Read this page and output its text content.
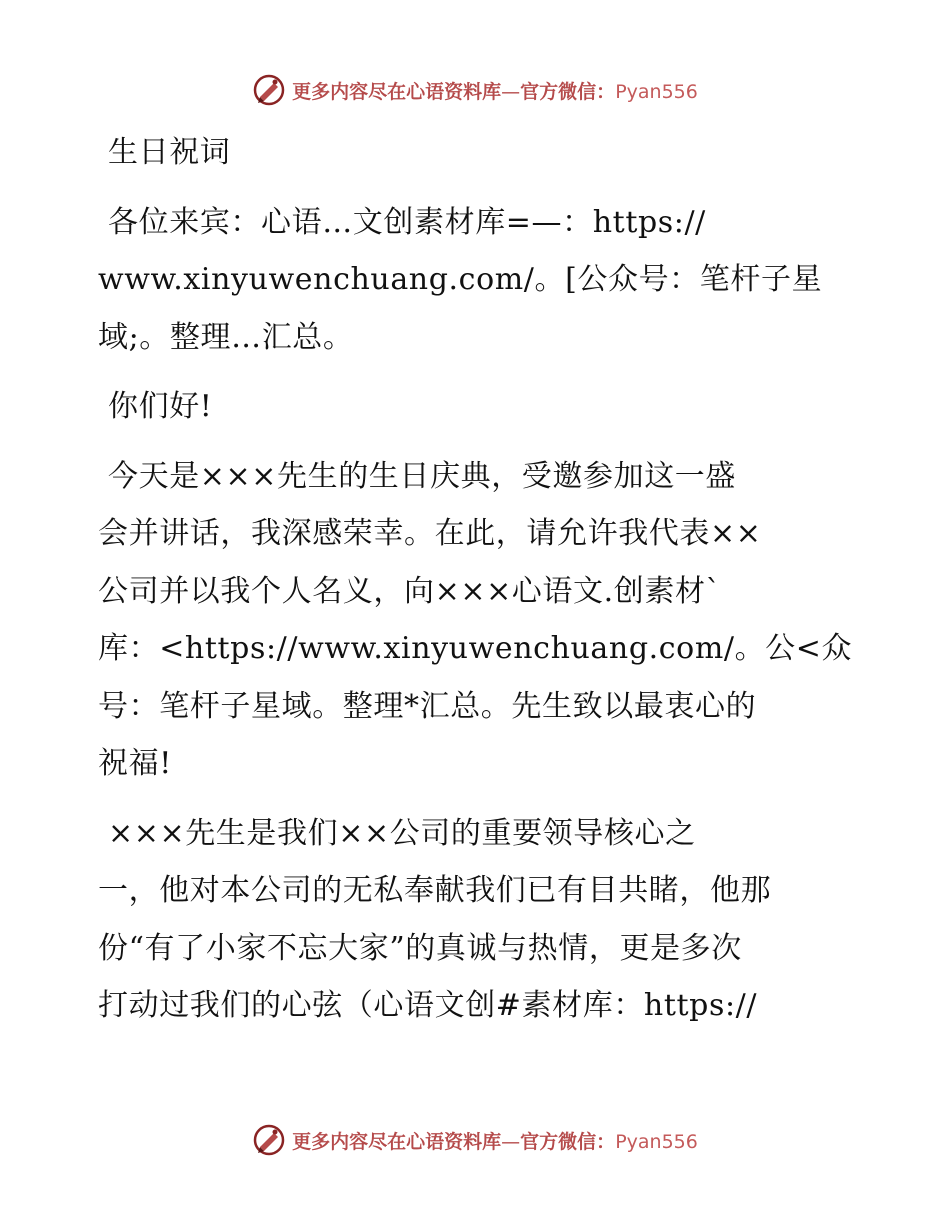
更多内容尽在心语资料库—官方微信：Pyan556

生日祝词

各位来宾：心语…文创素材库=—：https://
www.xinyuwenchuang.com/。[公众号：笔杆子星
域;。整理…汇总。

你们好!

今天是×××先生的生日庆典，受邀参加这一盛
会并讲话，我深感荣幸。在此，请允许我代表××
公司并以我个人名义，向×××心语文.创素材`
库：<https://www.xinyuwenchuang.com/。公<众
号：笔杆子星域。整理*汇总。先生致以最衷心的
祝福!

×××先生是我们××公司的重要领导核心之
一，他对本公司的无私奉献我们已有目共睹，他那
份“有了小家不忘大家”的真诚与热情，更是多次
打动过我们的心弦（心语文创#素材库：https://

更多内容尽在心语资料库—官方微信：Pyan556
